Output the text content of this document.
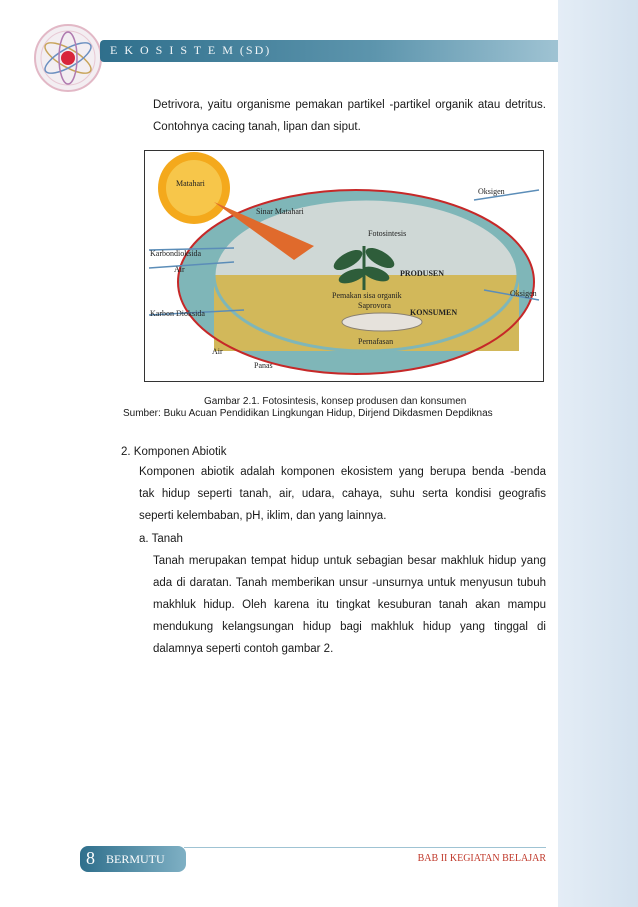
E K O S I S T E M (SD)
Detrivora, yaitu organisme pemakan partikel -partikel organik atau detritus.
Contohnya cacing tanah, lipan dan siput.
Matahari
Sinar Matahari
Oksigen
Karbondioksida
Air
Fotosintesis
PRODUSEN
Oksigen
Pemakan sisa organik
Saprovora
KONSUMEN
Karbon Dioksida
Pernafasan
Air
Panas
Gambar 2.1. Fotosintesis, konsep produsen dan konsumen
Sumber: Buku Acuan Pendidikan Lingkungan Hidup, Dirjend Dikdasmen Depdiknas
2. Komponen Abiotik
Komponen abiotik adalah komponen ekosistem yang berupa benda -benda
tak hidup seperti tanah, air, udara, cahaya, suhu serta kondisi geografis
seperti kelembaban, pH, iklim, dan yang lainnya.
a. Tanah
Tanah merupakan tempat hidup untuk sebagian besar makhluk hidup yang
ada di daratan. Tanah memberikan unsur -unsurnya untuk menyusun tubuh
makhluk hidup. Oleh karena itu tingkat kesuburan tanah akan mampu
mendukung kelangsungan hidup bagi makhluk hidup yang tinggal di
dalamnya seperti contoh gambar 2.
8 BERMUTU	BAB II KEGIATAN BELAJAR
